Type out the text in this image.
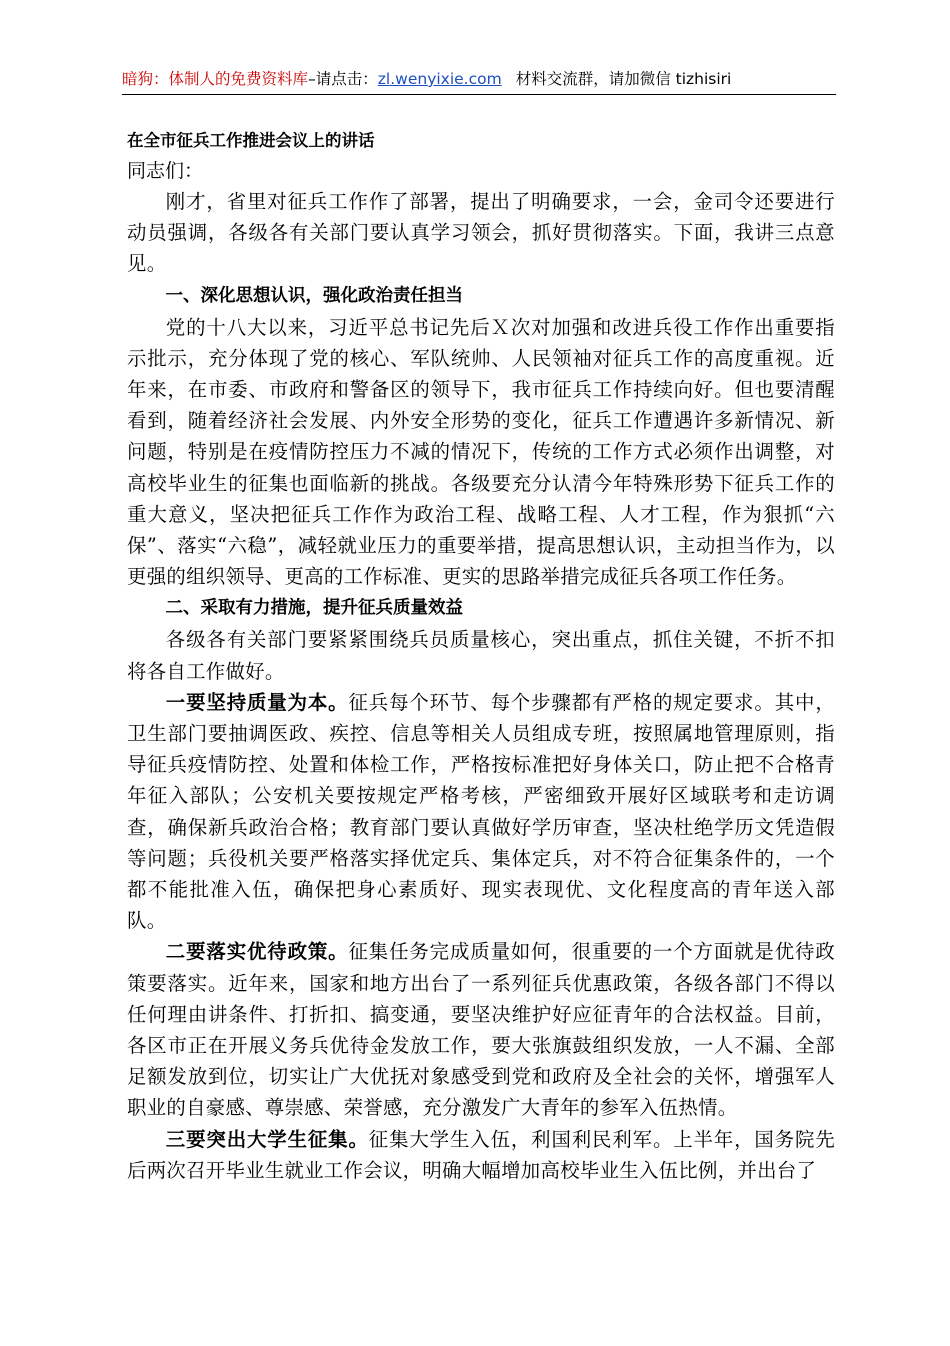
暗狗：体制人的免费资料库–请点击：zl.wenyixie.com 材料交流群，请加微信 tizhisiri
在全市征兵工作推进会议上的讲话
同志们：

刚才，省里对征兵工作作了部署，提出了明确要求，一会，金司令还要进行动员强调，各级各有关部门要认真学习领会，抓好贯彻落实。下面，我讲三点意见。

一、深化思想认识，强化政治责任担当

党的十八大以来，习近平总书记先后Ｘ次对加强和改进兵役工作作出重要指示批示，充分体现了党的核心、军队统帅、人民领袖对征兵工作的高度重视。近年来，在市委、市政府和警备区的领导下，我市征兵工作持续向好。但也要清醒看到，随着经济社会发展、内外安全形势的变化，征兵工作遭遇许多新情况、新问题，特别是在疫情防控压力不减的情况下，传统的工作方式必须作出调整，对高校毕业生的征集也面临新的挑战。各级要充分认清今年特殊形势下征兵工作的重大意义，坚决把征兵工作作为政治工程、战略工程、人才工程，作为狠抓“六保”、落实“六稳”，减轻就业压力的重要举措，提高思想认识，主动担当作为，以更强的组织领导、更高的工作标准、更实的思路举措完成征兵各项工作任务。

二、采取有力措施，提升征兵质量效益

各级各有关部门要紧紧围绕兵员质量核心，突出重点，抓住关键，不折不扣将各自工作做好。

一要坚持质量为本。征兵每个环节、每个步骤都有严格的规定要求。其中，卫生部门要抽调医政、疾控、信息等相关人员组成专班，按照属地管理原则，指导征兵疫情防控、处置和体检工作，严格按标准把好身体关口，防止把不合格青年征入部队；公安机关要按规定严格考核，严密细致开展好区域联考和走访调查，确保新兵政治合格；教育部门要认真做好学历审查，坚决杜绝学历文凭造假等问题；兵役机关要严格落实择优定兵、集体定兵，对不符合征集条件的，一个都不能批准入伍，确保把身心素质好、现实表现优、文化程度高的青年送入部队。

二要落实优待政策。征集任务完成质量如何，很重要的一个方面就是优待政策要落实。近年来，国家和地方出台了一系列征兵优惠政策，各级各部门不得以任何理由讲条件、打折扣、搞变通，要坚决维护好应征青年的合法权益。目前，各区市正在开展义务兵优待金发放工作，要大张旗鼓组织发放，一人不漏、全部足额发放到位，切实让广大优抚对象感受到党和政府及全社会的关怀，增强军人职业的自豪感、尊崇感、荣誉感，充分激发广大青年的参军入伍热情。

三要突出大学生征集。征集大学生入伍，利国利民利军。上半年，国务院先后两次召开毕业生就业工作会议，明确大幅增加高校毕业生入伍比例，并出台了
